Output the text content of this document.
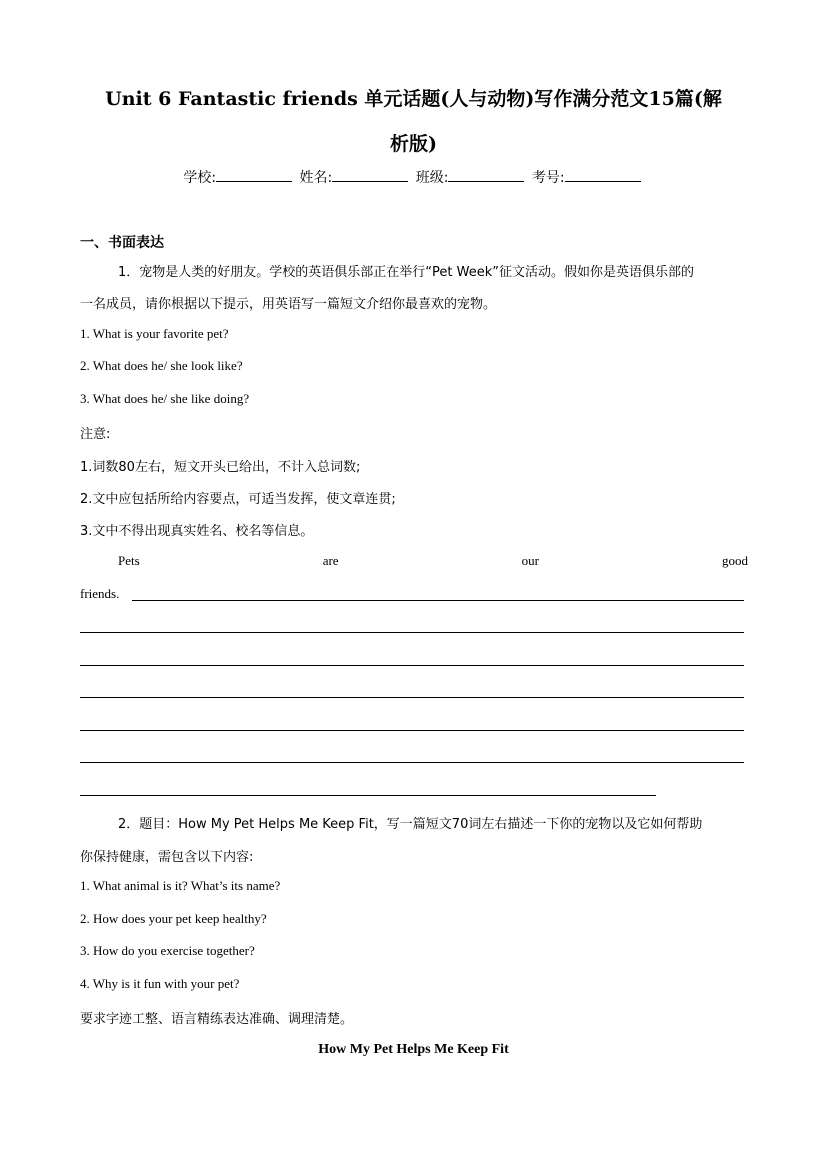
Unit 6 Fantastic friends 单元话题(人与动物)写作满分范文15篇(解
析版)
学校:	姓名:	班级:	考号:
一、书面表达
1．宠物是人类的好朋友。学校的英语俱乐部正在举行“Pet Week”征文活动。假如你是英语俱乐部的
一名成员，请你根据以下提示，用英语写一篇短文介绍你最喜欢的宠物。
1. What is your favorite pet?
2. What does he/ she look like?
3. What does he/ she like doing?
注意:
1.词数80左右，短文开头已给出，不计入总词数;
2.文中应包括所给内容要点，可适当发挥，使文章连贯;
3.文中不得出现真实姓名、校名等信息。
Pets	are	our	good
friends.
2．题目：How My Pet Helps Me Keep Fit，写一篇短文70词左右描述一下你的宠物以及它如何帮助
你保持健康，需包含以下内容:
1. What animal is it? What’s its name?
2. How does your pet keep healthy?
3. How do you exercise together?
4. Why is it fun with your pet?
要求字迹工整、语言精练表达准确、调理清楚。
How My Pet Helps Me Keep Fit
